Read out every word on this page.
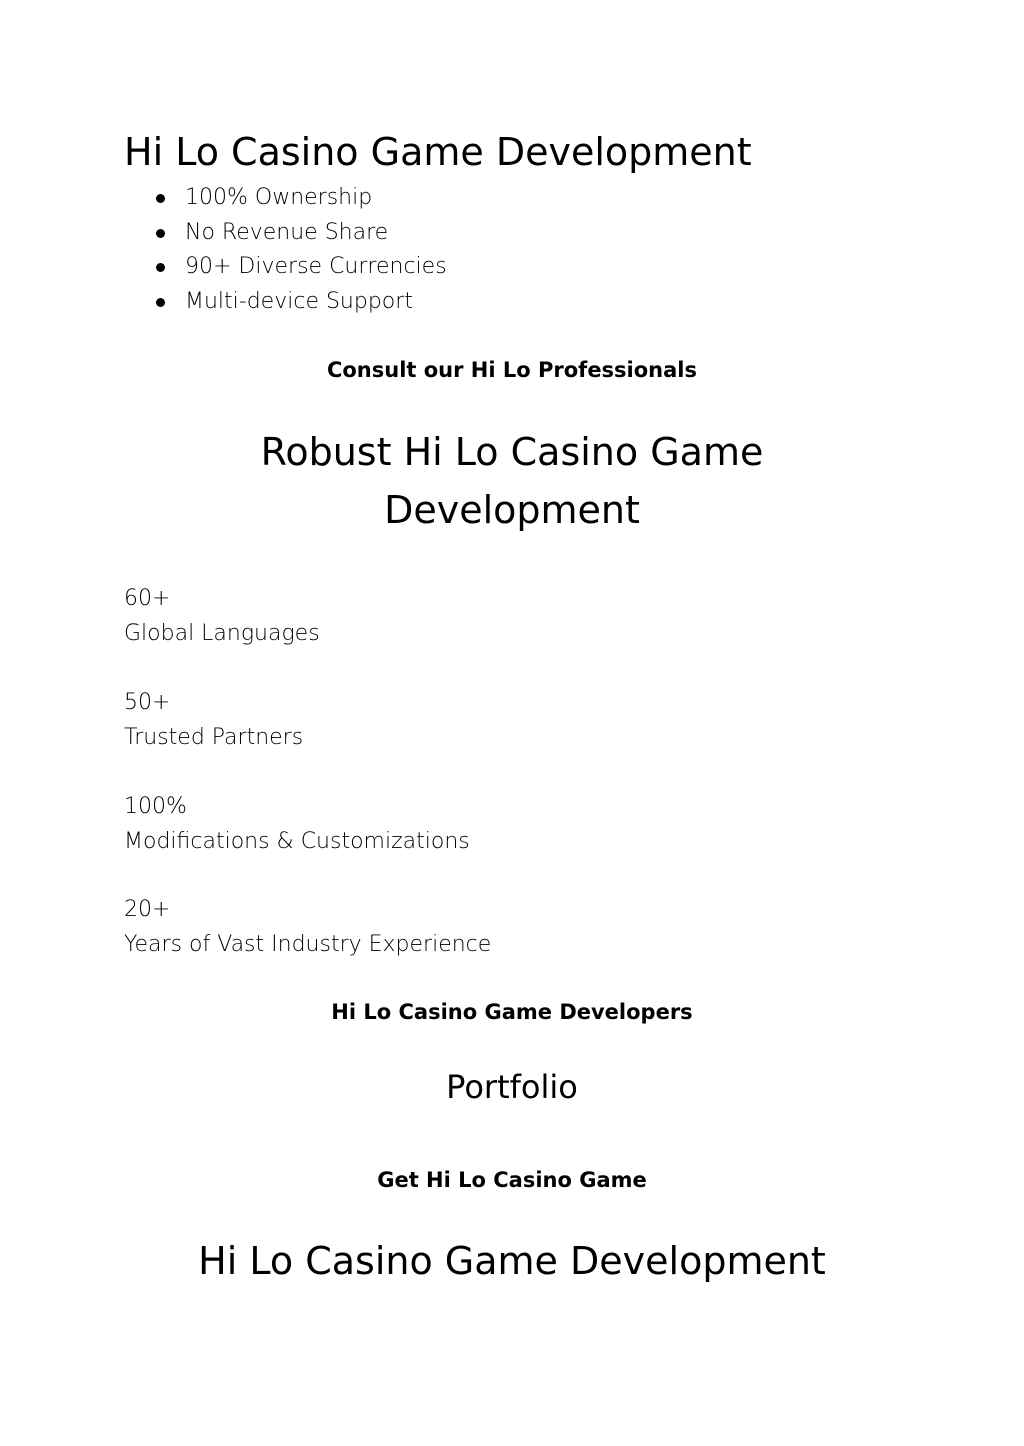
Hi Lo Casino Game Development
100% Ownership
No Revenue Share
90+ Diverse Currencies
Multi-device Support
Consult our Hi Lo Professionals
Robust Hi Lo Casino Game
Development
60+
Global Languages
50+
Trusted Partners
100%
Modifications & Customizations
20+
Years of Vast Industry Experience
Hi Lo Casino Game Developers
Portfolio
Get Hi Lo Casino Game
Hi Lo Casino Game Development
